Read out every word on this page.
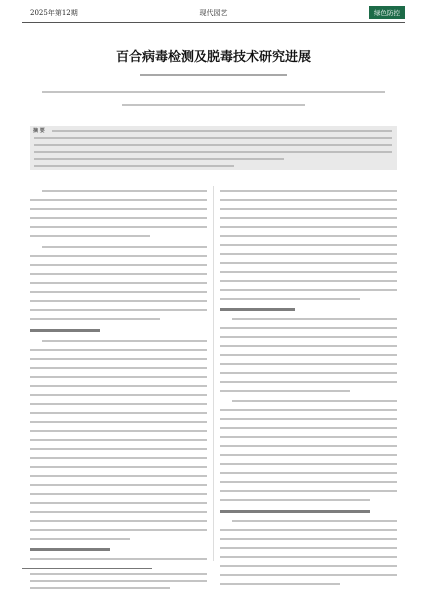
2025年第12期	现代园艺	绿色防控
百合病毒检测及脱毒技术研究进展
摘 要
